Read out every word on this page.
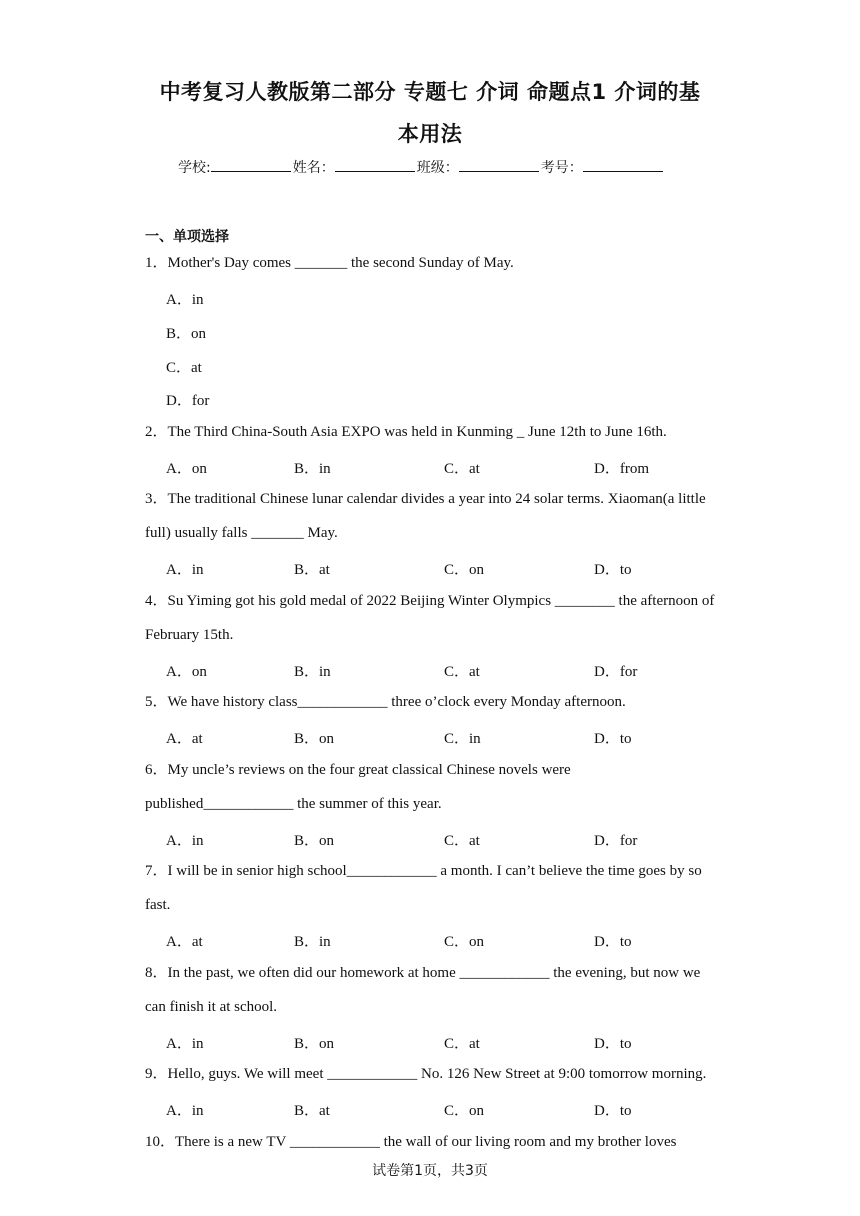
中考复习人教版第二部分 专题七 介词 命题点1 介词的基
本用法
学校:	姓名：	班级：	考号：
一、单项选择
1．Mother's Day comes _______ the second Sunday of May.
A．in
B．on
C．at
D．for
2．The Third China-South Asia EXPO was held in Kunming _ June 12th to June 16th.
A．on	B．in	C．at	D．from
3．The traditional Chinese lunar calendar divides a year into 24 solar terms. Xiaoman(a little
full) usually falls _______ May.
A．in	B．at	C．on	D．to
4．Su Yiming got his gold medal of 2022 Beijing Winter Olympics ________ the afternoon of
February 15th.
A．on	B．in	C．at	D．for
5．We have history class____________ three o’clock every Monday afternoon.
A．at	B．on	C．in	D．to
6．My uncle’s reviews on the four great classical Chinese novels were
published____________ the summer of this year.
A．in	B．on	C．at	D．for
7．I will be in senior high school____________ a month. I can’t believe the time goes by so
fast.
A．at	B．in	C．on	D．to
8．In the past, we often did our homework at home ____________ the evening, but now we
can finish it at school.
A．in	B．on	C．at	D．to
9．Hello, guys. We will meet ____________ No. 126 New Street at 9:00 tomorrow morning.
A．in	B．at	C．on	D．to
10．There is a new TV ____________ the wall of our living room and my brother loves
试卷第1页，共3页
